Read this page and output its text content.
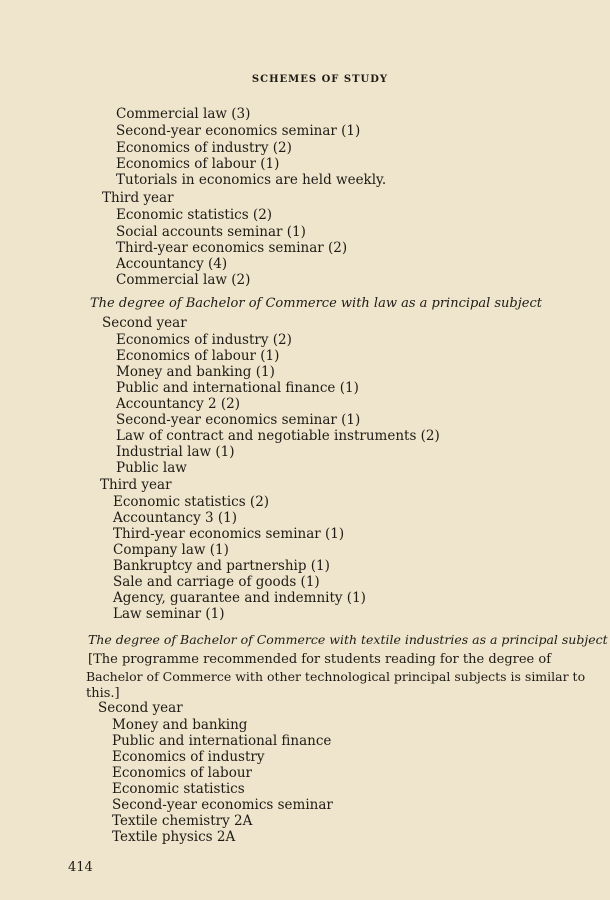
SCHEMES OF STUDY
Commercial law (3)
Second-year economics seminar (1)
Economics of industry (2)
Economics of labour (1)
Tutorials in economics are held weekly.
Third year
Economic statistics (2)
Social accounts seminar (1)
Third-year economics seminar (2)
Accountancy (4)
Commercial law (2)
The degree of Bachelor of Commerce with law as a principal subject
Second year
Economics of industry (2)
Economics of labour (1)
Money and banking (1)
Public and international finance (1)
Accountancy 2 (2)
Second-year economics seminar (1)
Law of contract and negotiable instruments (2)
Industrial law (1)
Public law
Third year
Economic statistics (2)
Accountancy 3 (1)
Third-year economics seminar (1)
Company law (1)
Bankruptcy and partnership (1)
Sale and carriage of goods (1)
Agency, guarantee and indemnity (1)
Law seminar (1)
The degree of Bachelor of Commerce with textile industries as a principal subject
[The programme recommended for students reading for the degree of
Bachelor of Commerce with other technological principal subjects is similar to
this.]
Second year
Money and banking
Public and international finance
Economics of industry
Economics of labour
Economic statistics
Second-year economics seminar
Textile chemistry 2A
Textile physics 2A
414
